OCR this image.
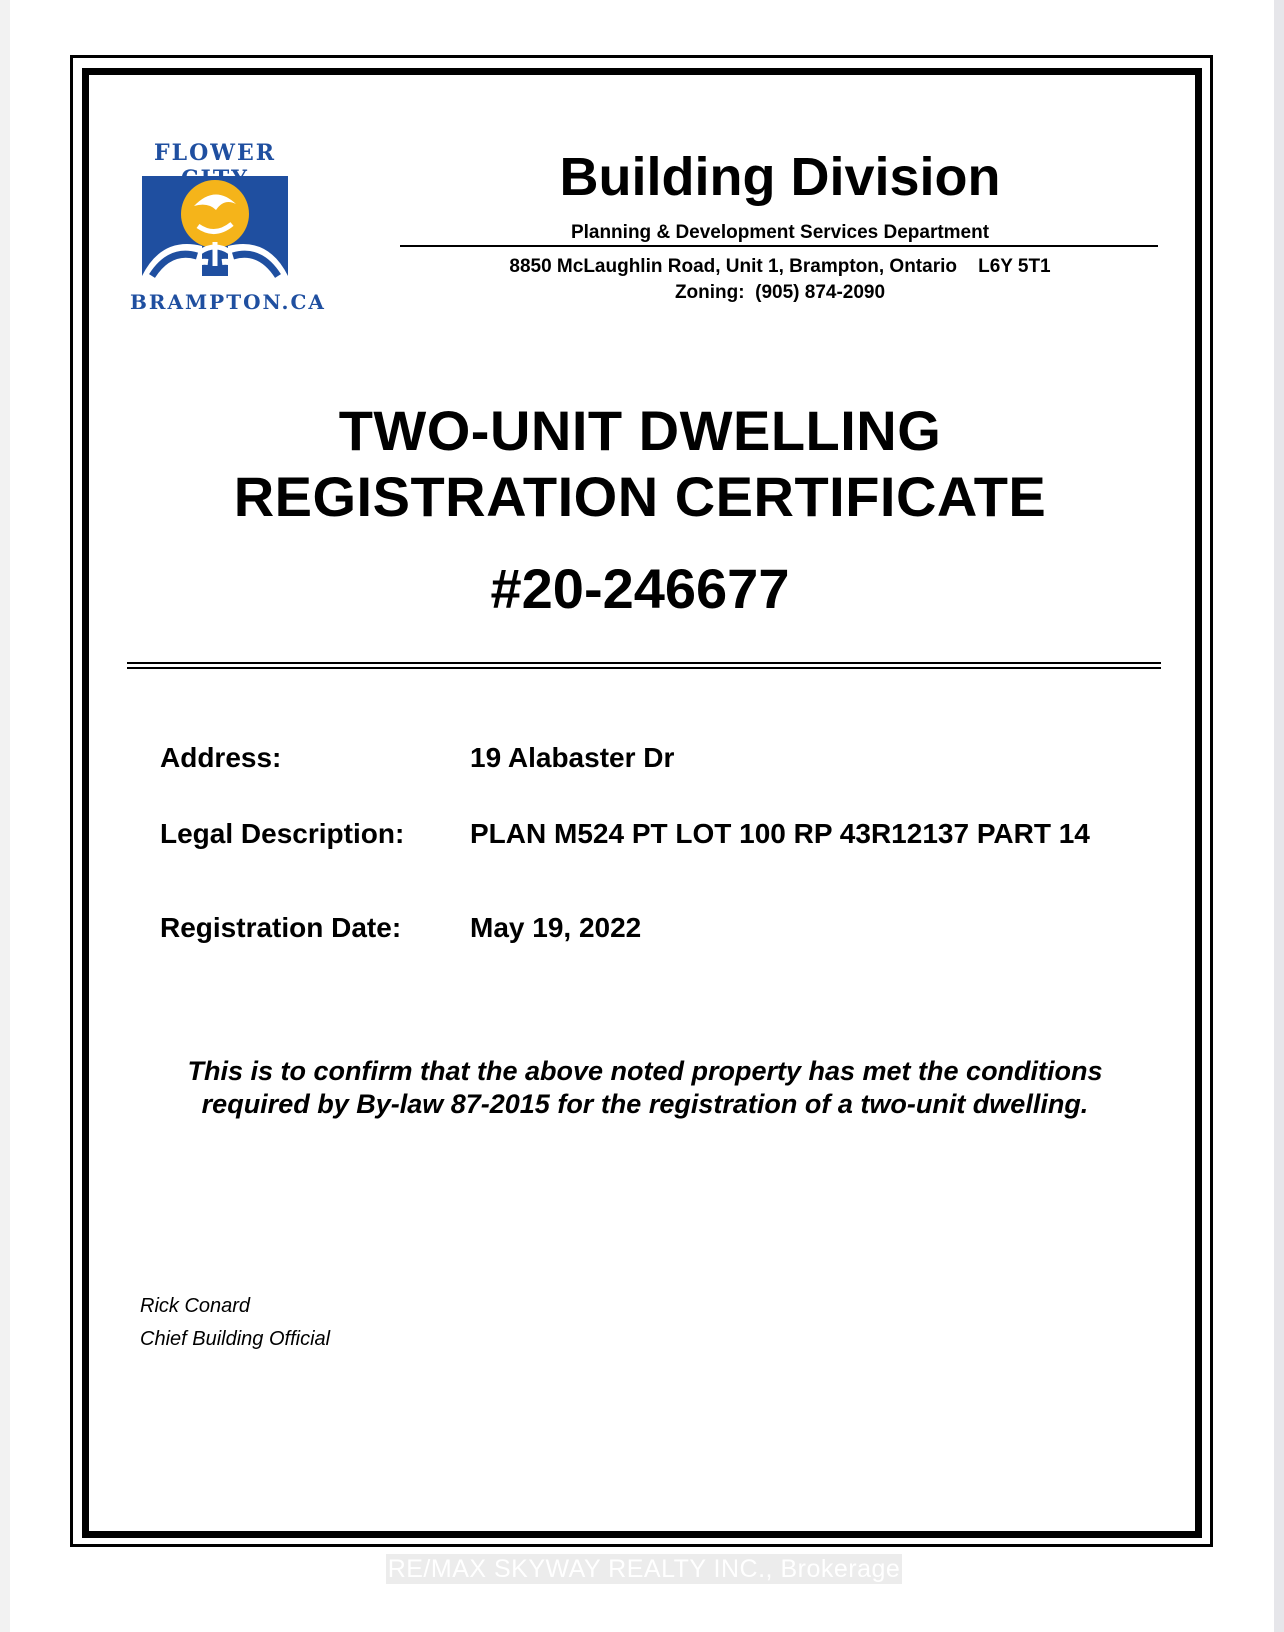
FLOWER
BRAMPTON.CA
Building Division
Planning & Development Services Department
8850 McLaughlin Road, Unit 1, Brampton, Ontario    L6Y 5T1
Zoning:  (905) 874-2090
TWO-UNIT DWELLING
REGISTRATION CERTIFICATE
#20-246677
Address:	19 Alabaster Dr
Legal Description: PLAN M524 PT LOT 100 RP 43R12137 PART 14
Registration Date: May 19, 2022
This is to confirm that the above noted property has met the conditions
required by By-law 87-2015 for the registration of a two-unit dwelling.
Rick Conard
Chief Building Official
RE/MAX SKYWAY REALTY INC., Brokerage
